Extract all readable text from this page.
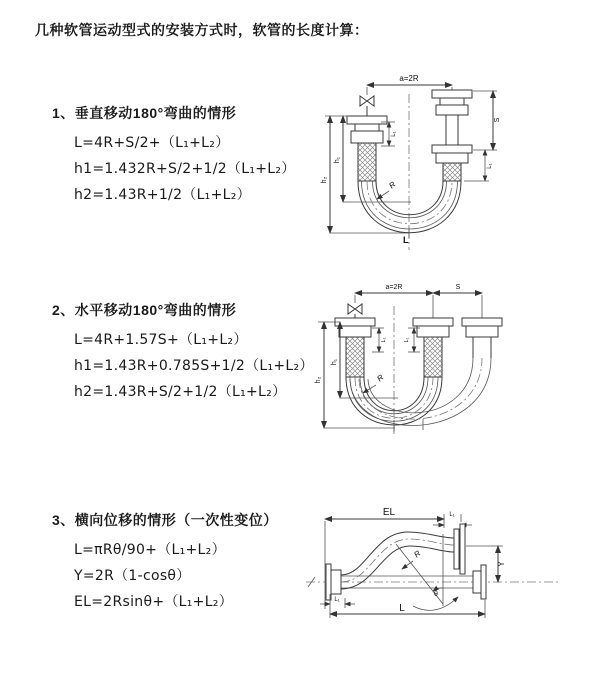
几种软管运动型式的安装方式时，软管的长度计算：
1、垂直移动180°弯曲的情形
L=4R+S/2+（L₁+L₂）
h1=1.432R+S/2+1/2（L₁+L₂）
h2=1.43R+1/2（L₁+L₂）
2、水平移动180°弯曲的情形
L=4R+1.57S+（L₁+L₂）
h1=1.43R+0.785S+1/2（L₁+L₂）
h2=1.43R+S/2+1/2（L₁+L₂）
3、横向位移的情形（一次性变位）
L=πRθ/90+（L₁+L₂）
Y=2R（1-cosθ）
EL=2Rsinθ+（L₁+L₂）
a=2R
L₁
S
L₁
h₁
h₂	R
L
a=2R	S
L₁	L₁
h₁
h₂	R
EL	L₁
θ
R
Y
L₁
L
